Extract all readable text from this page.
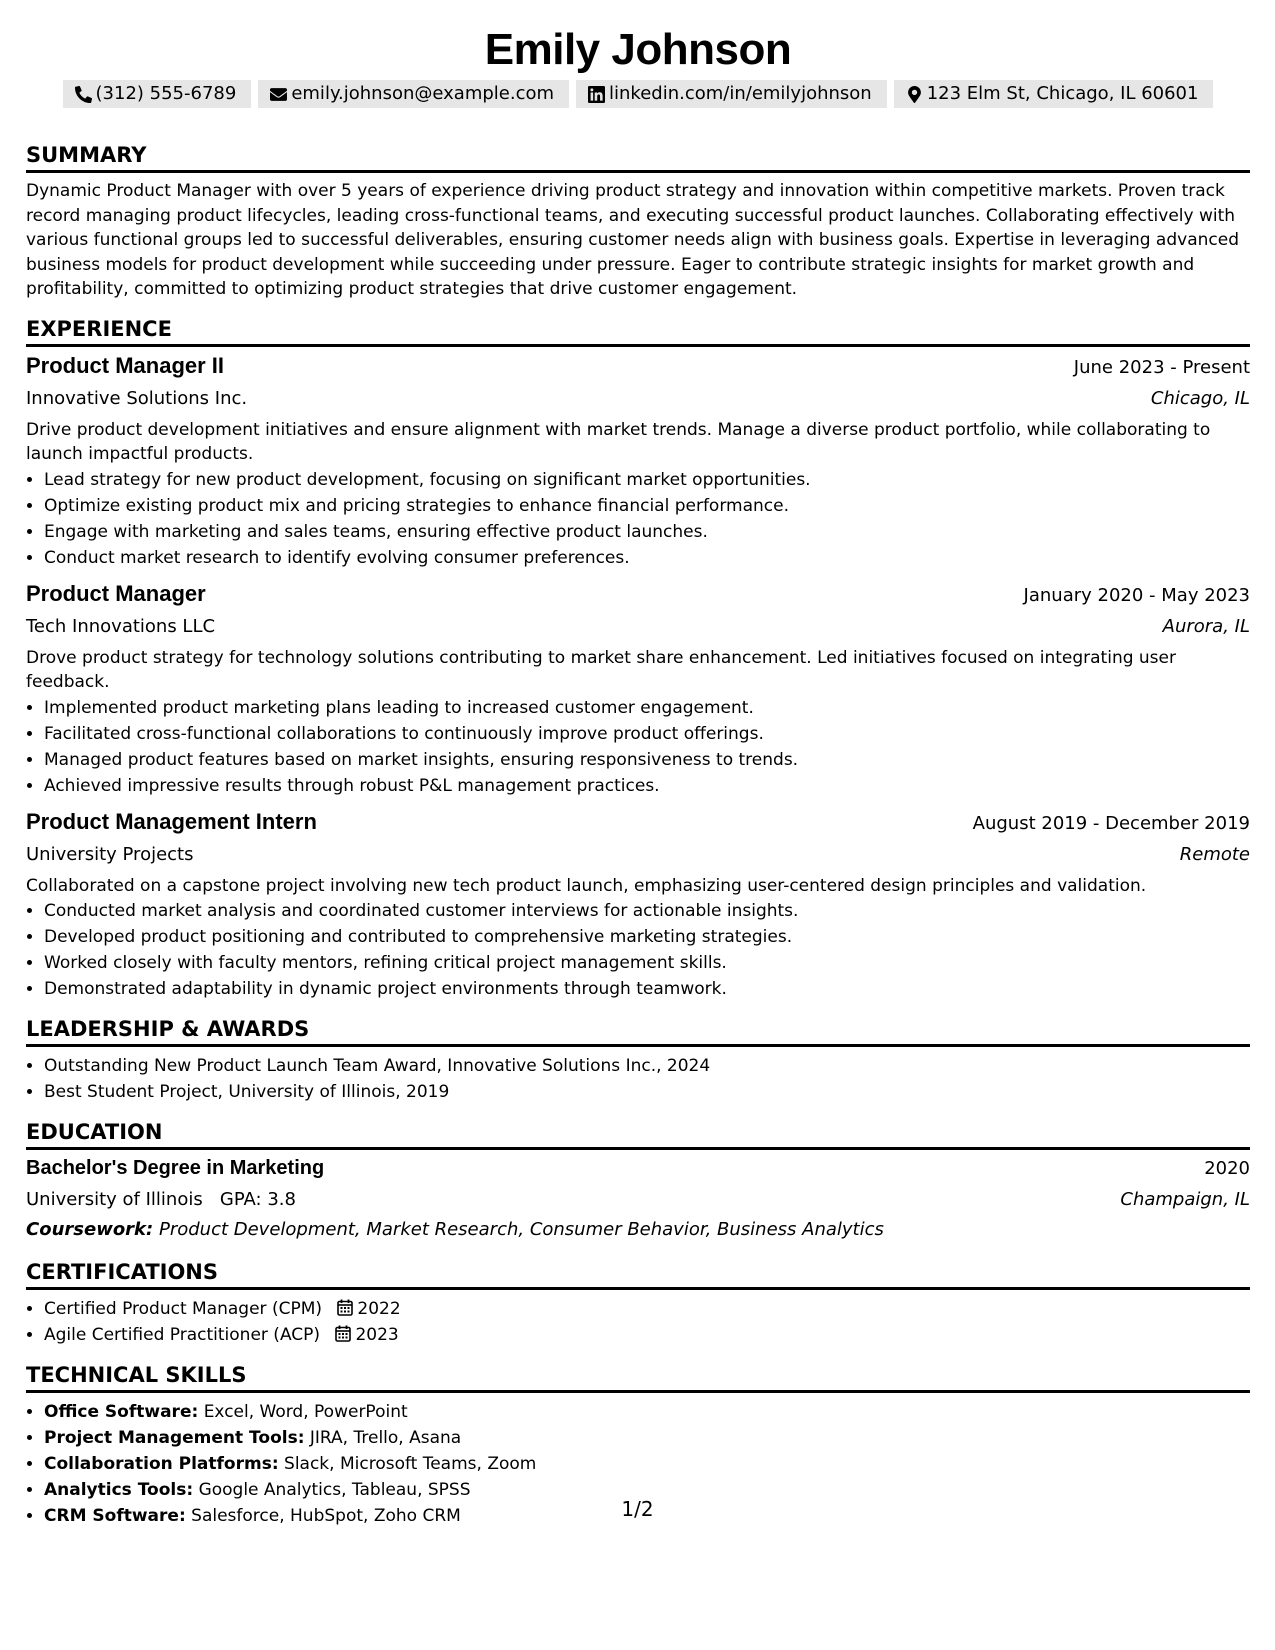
Emily Johnson
(312) 555-6789	emily.johnson@example.com	linkedin.com/in/emilyjohnson	123 Elm St, Chicago, IL 60601
SUMMARY
Dynamic Product Manager with over 5 years of experience driving product strategy and innovation within competitive markets. Proven track record managing product lifecycles, leading cross-functional teams, and executing successful product launches. Collaborating effectively with various functional groups led to successful deliverables, ensuring customer needs align with business goals. Expertise in leveraging advanced business models for product development while succeeding under pressure. Eager to contribute strategic insights for market growth and profitability, committed to optimizing product strategies that drive customer engagement.
EXPERIENCE
Product Manager II	June 2023 - Present
Innovative Solutions Inc.	Chicago, IL
Drive product development initiatives and ensure alignment with market trends. Manage a diverse product portfolio, while collaborating to launch impactful products.
• Lead strategy for new product development, focusing on significant market opportunities.
• Optimize existing product mix and pricing strategies to enhance financial performance.
• Engage with marketing and sales teams, ensuring effective product launches.
• Conduct market research to identify evolving consumer preferences.
Product Manager	January 2020 - May 2023
Tech Innovations LLC	Aurora, IL
Drove product strategy for technology solutions contributing to market share enhancement. Led initiatives focused on integrating user feedback.
• Implemented product marketing plans leading to increased customer engagement.
• Facilitated cross-functional collaborations to continuously improve product offerings.
• Managed product features based on market insights, ensuring responsiveness to trends.
• Achieved impressive results through robust P&L management practices.
Product Management Intern	August 2019 - December 2019
University Projects	Remote
Collaborated on a capstone project involving new tech product launch, emphasizing user-centered design principles and validation.
• Conducted market analysis and coordinated customer interviews for actionable insights.
• Developed product positioning and contributed to comprehensive marketing strategies.
• Worked closely with faculty mentors, refining critical project management skills.
• Demonstrated adaptability in dynamic project environments through teamwork.
LEADERSHIP & AWARDS
• Outstanding New Product Launch Team Award, Innovative Solutions Inc., 2024
• Best Student Project, University of Illinois, 2019
EDUCATION
Bachelor's Degree in Marketing	2020
University of Illinois GPA: 3.8	Champaign, IL
Coursework: Product Development, Market Research, Consumer Behavior, Business Analytics
CERTIFICATIONS
• Certified Product Manager (CPM) 2022
• Agile Certified Practitioner (ACP) 2023
TECHNICAL SKILLS
• Office Software: Excel, Word, PowerPoint
• Project Management Tools: JIRA, Trello, Asana
• Collaboration Platforms: Slack, Microsoft Teams, Zoom
• Analytics Tools: Google Analytics, Tableau, SPSS
• CRM Software: Salesforce, HubSpot, Zoho CRM	1/2
